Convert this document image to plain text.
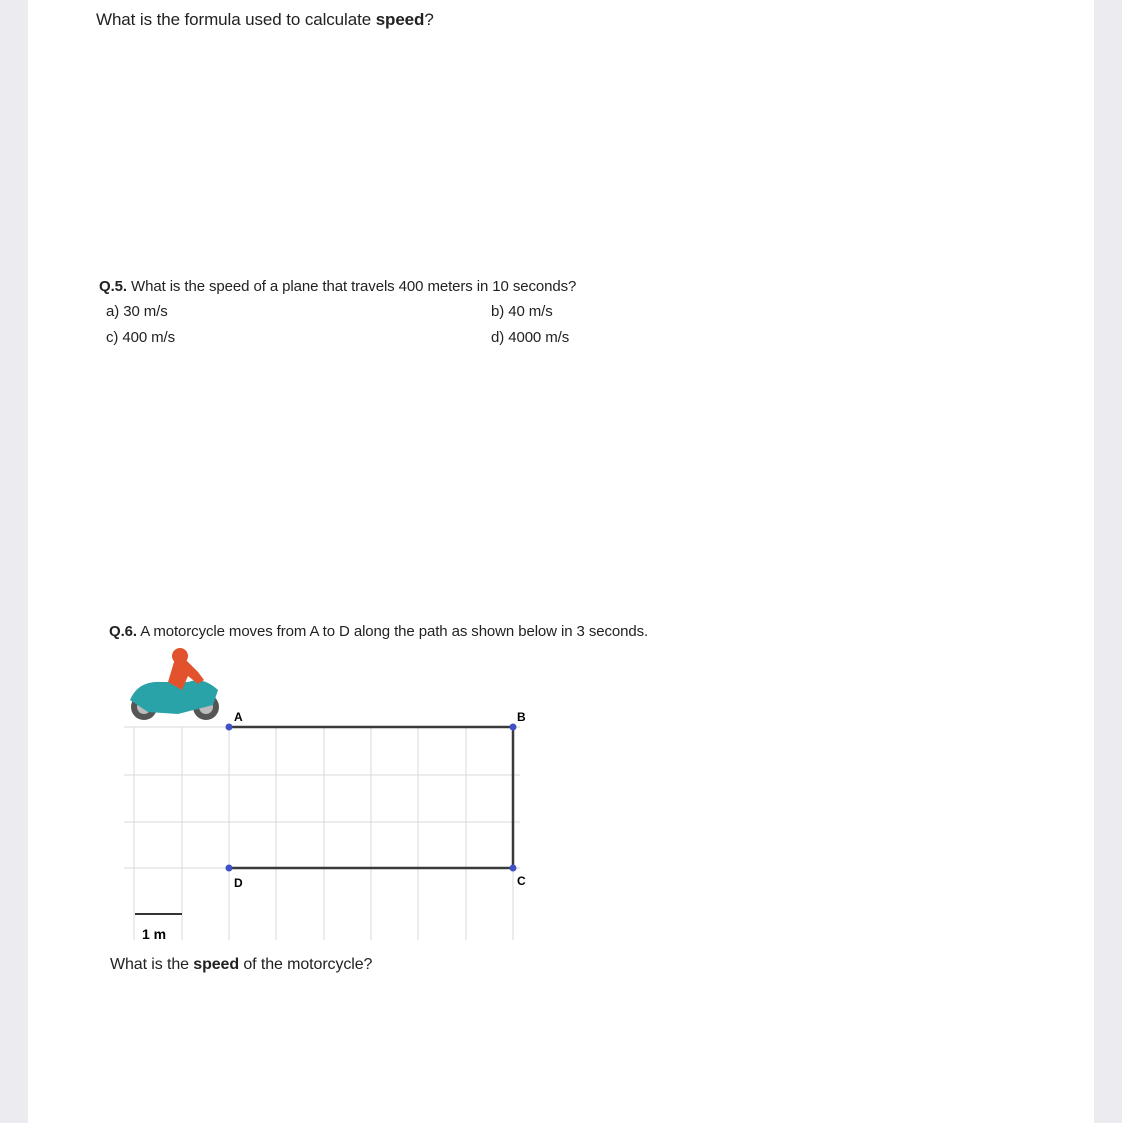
What is the formula used to calculate speed?
Q.5. What is the speed of a plane that travels 400 meters in 10 seconds?
a) 30 m/s	b) 40 m/s
c) 400 m/s	d) 4000 m/s
Q.6. A motorcycle moves from A to D along the path as shown below in 3 seconds.
A	B
C
D
1 m
What is the speed of the motorcycle?
